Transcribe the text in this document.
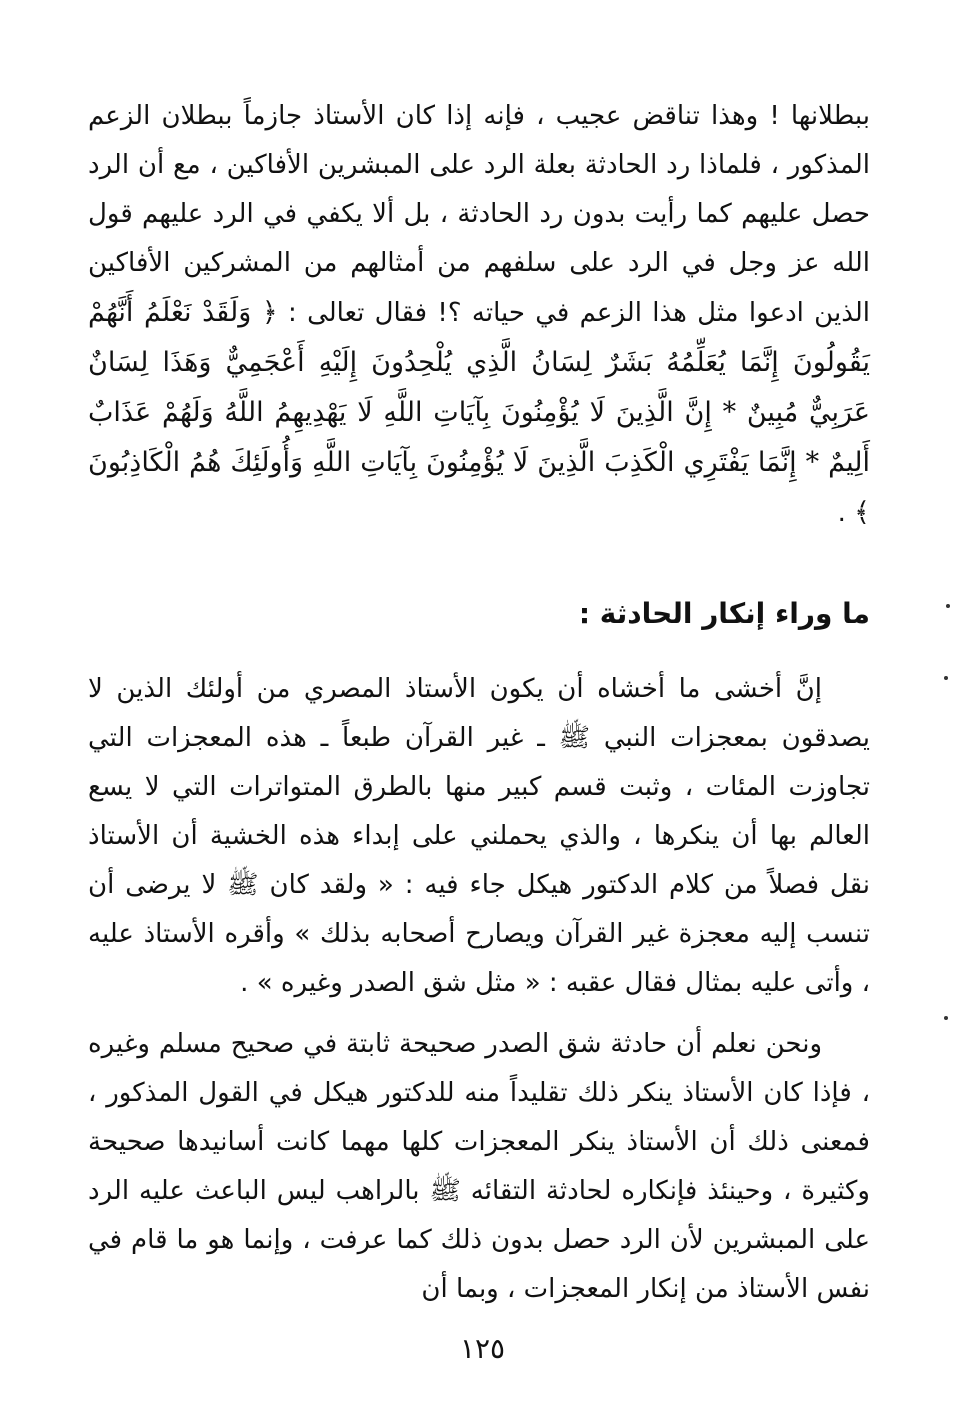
ببطلانها ! وهذا تناقض عجيب ، فإنه إذا كان الأستاذ جازماً ببطلان الزعم المذكور ، فلماذا رد الحادثة بعلة الرد على المبشرين الأفاكين ، مع أن الرد حصل عليهم كما رأيت بدون رد الحادثة ، بل ألا يكفي في الرد عليهم قول الله عز وجل في الرد على سلفهم من أمثالهم من المشركين الأفاكين الذين ادعوا مثل هذا الزعم في حياته ؟! فقال تعالى : ﴿ وَلَقَدْ نَعْلَمُ أَنَّهُمْ يَقُولُونَ إِنَّمَا يُعَلِّمُهُ بَشَرٌ لِسَانُ الَّذِي يُلْحِدُونَ إِلَيْهِ أَعْجَمِيٌّ وَهَذَا لِسَانٌ عَرَبِيٌّ مُبِينٌ * إِنَّ الَّذِينَ لَا يُؤْمِنُونَ بِآيَاتِ اللَّهِ لَا يَهْدِيهِمُ اللَّهُ وَلَهُمْ عَذَابٌ أَلِيمٌ * إِنَّمَا يَفْتَرِي الْكَذِبَ الَّذِينَ لَا يُؤْمِنُونَ بِآيَاتِ اللَّهِ وَأُولَئِكَ هُمُ الْكَاذِبُونَ ﴾ .

ما وراء إنكار الحادثة :

إنَّ أخشى ما أخشاه أن يكون الأستاذ المصري من أولئك الذين لا يصدقون بمعجزات النبي ﷺ ـ غير القرآن طبعاً ـ هذه المعجزات التي تجاوزت المئات ، وثبت قسم كبير منها بالطرق المتواترات التي لا يسع العالم بها أن ينكرها ، والذي يحملني على إبداء هذه الخشية أن الأستاذ نقل فصلاً من كلام الدكتور هيكل جاء فيه : « ولقد كان ﷺ لا يرضى أن تنسب إليه معجزة غير القرآن ويصارح أصحابه بذلك » وأقره الأستاذ عليه ، وأتى عليه بمثال فقال عقبه : « مثل شق الصدر وغيره » .

ونحن نعلم أن حادثة شق الصدر صحيحة ثابتة في صحيح مسلم وغيره ، فإذا كان الأستاذ ينكر ذلك تقليداً منه للدكتور هيكل في القول المذكور ، فمعنى ذلك أن الأستاذ ينكر المعجزات كلها مهما كانت أسانيدها صحيحة وكثيرة ، وحينئذ فإنكاره لحادثة التقائه ﷺ بالراهب ليس الباعث عليه الرد على المبشرين لأن الرد حصل بدون ذلك كما عرفت ، وإنما هو ما قام في نفس الأستاذ من إنكار المعجزات ، وبما أن

١٢٥
